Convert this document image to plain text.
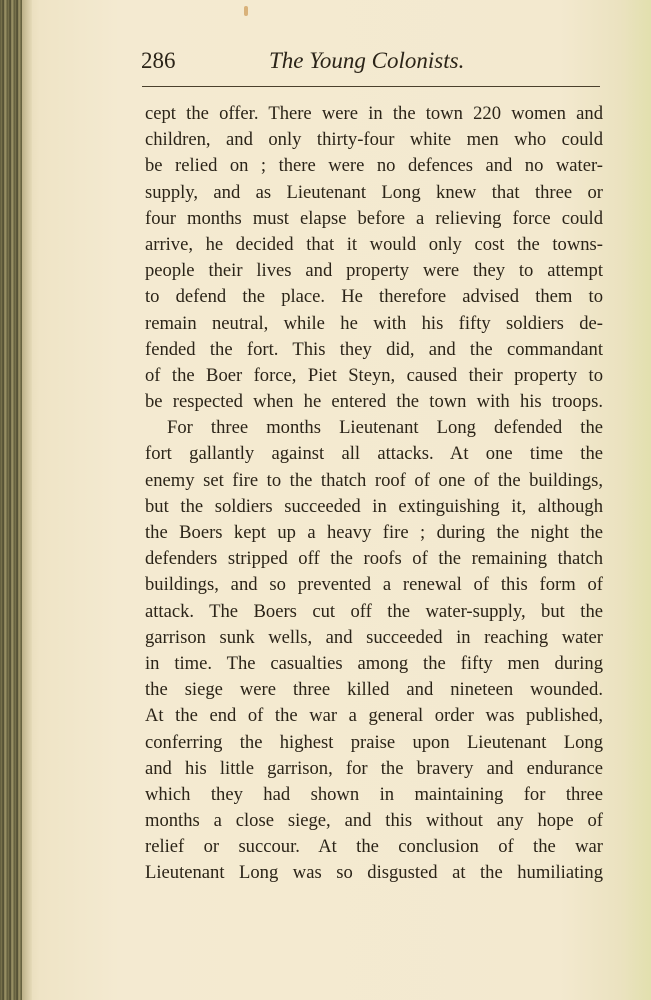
286	The Young Colonists.
cept the offer. There were in the town 220 women and
children, and only thirty-four white men who could
be relied on ; there were no defences and no water-
supply, and as Lieutenant Long knew that three or
four months must elapse before a relieving force could
arrive, he decided that it would only cost the towns-
people their lives and property were they to attempt
to defend the place. He therefore advised them to
remain neutral, while he with his fifty soldiers de-
fended the fort. This they did, and the commandant
of the Boer force, Piet Steyn, caused their property to
be respected when he entered the town with his troops.
For three months Lieutenant Long defended the
fort gallantly against all attacks. At one time the
enemy set fire to the thatch roof of one of the buildings,
but the soldiers succeeded in extinguishing it, although
the Boers kept up a heavy fire ; during the night the
defenders stripped off the roofs of the remaining thatch
buildings, and so prevented a renewal of this form of
attack. The Boers cut off the water-supply, but the
garrison sunk wells, and succeeded in reaching water
in time. The casualties among the fifty men during
the siege were three killed and nineteen wounded.
At the end of the war a general order was published,
conferring the highest praise upon Lieutenant Long
and his little garrison, for the bravery and endurance
which they had shown in maintaining for three
months a close siege, and this without any hope of
relief or succour. At the conclusion of the war
Lieutenant Long was so disgusted at the humiliating
